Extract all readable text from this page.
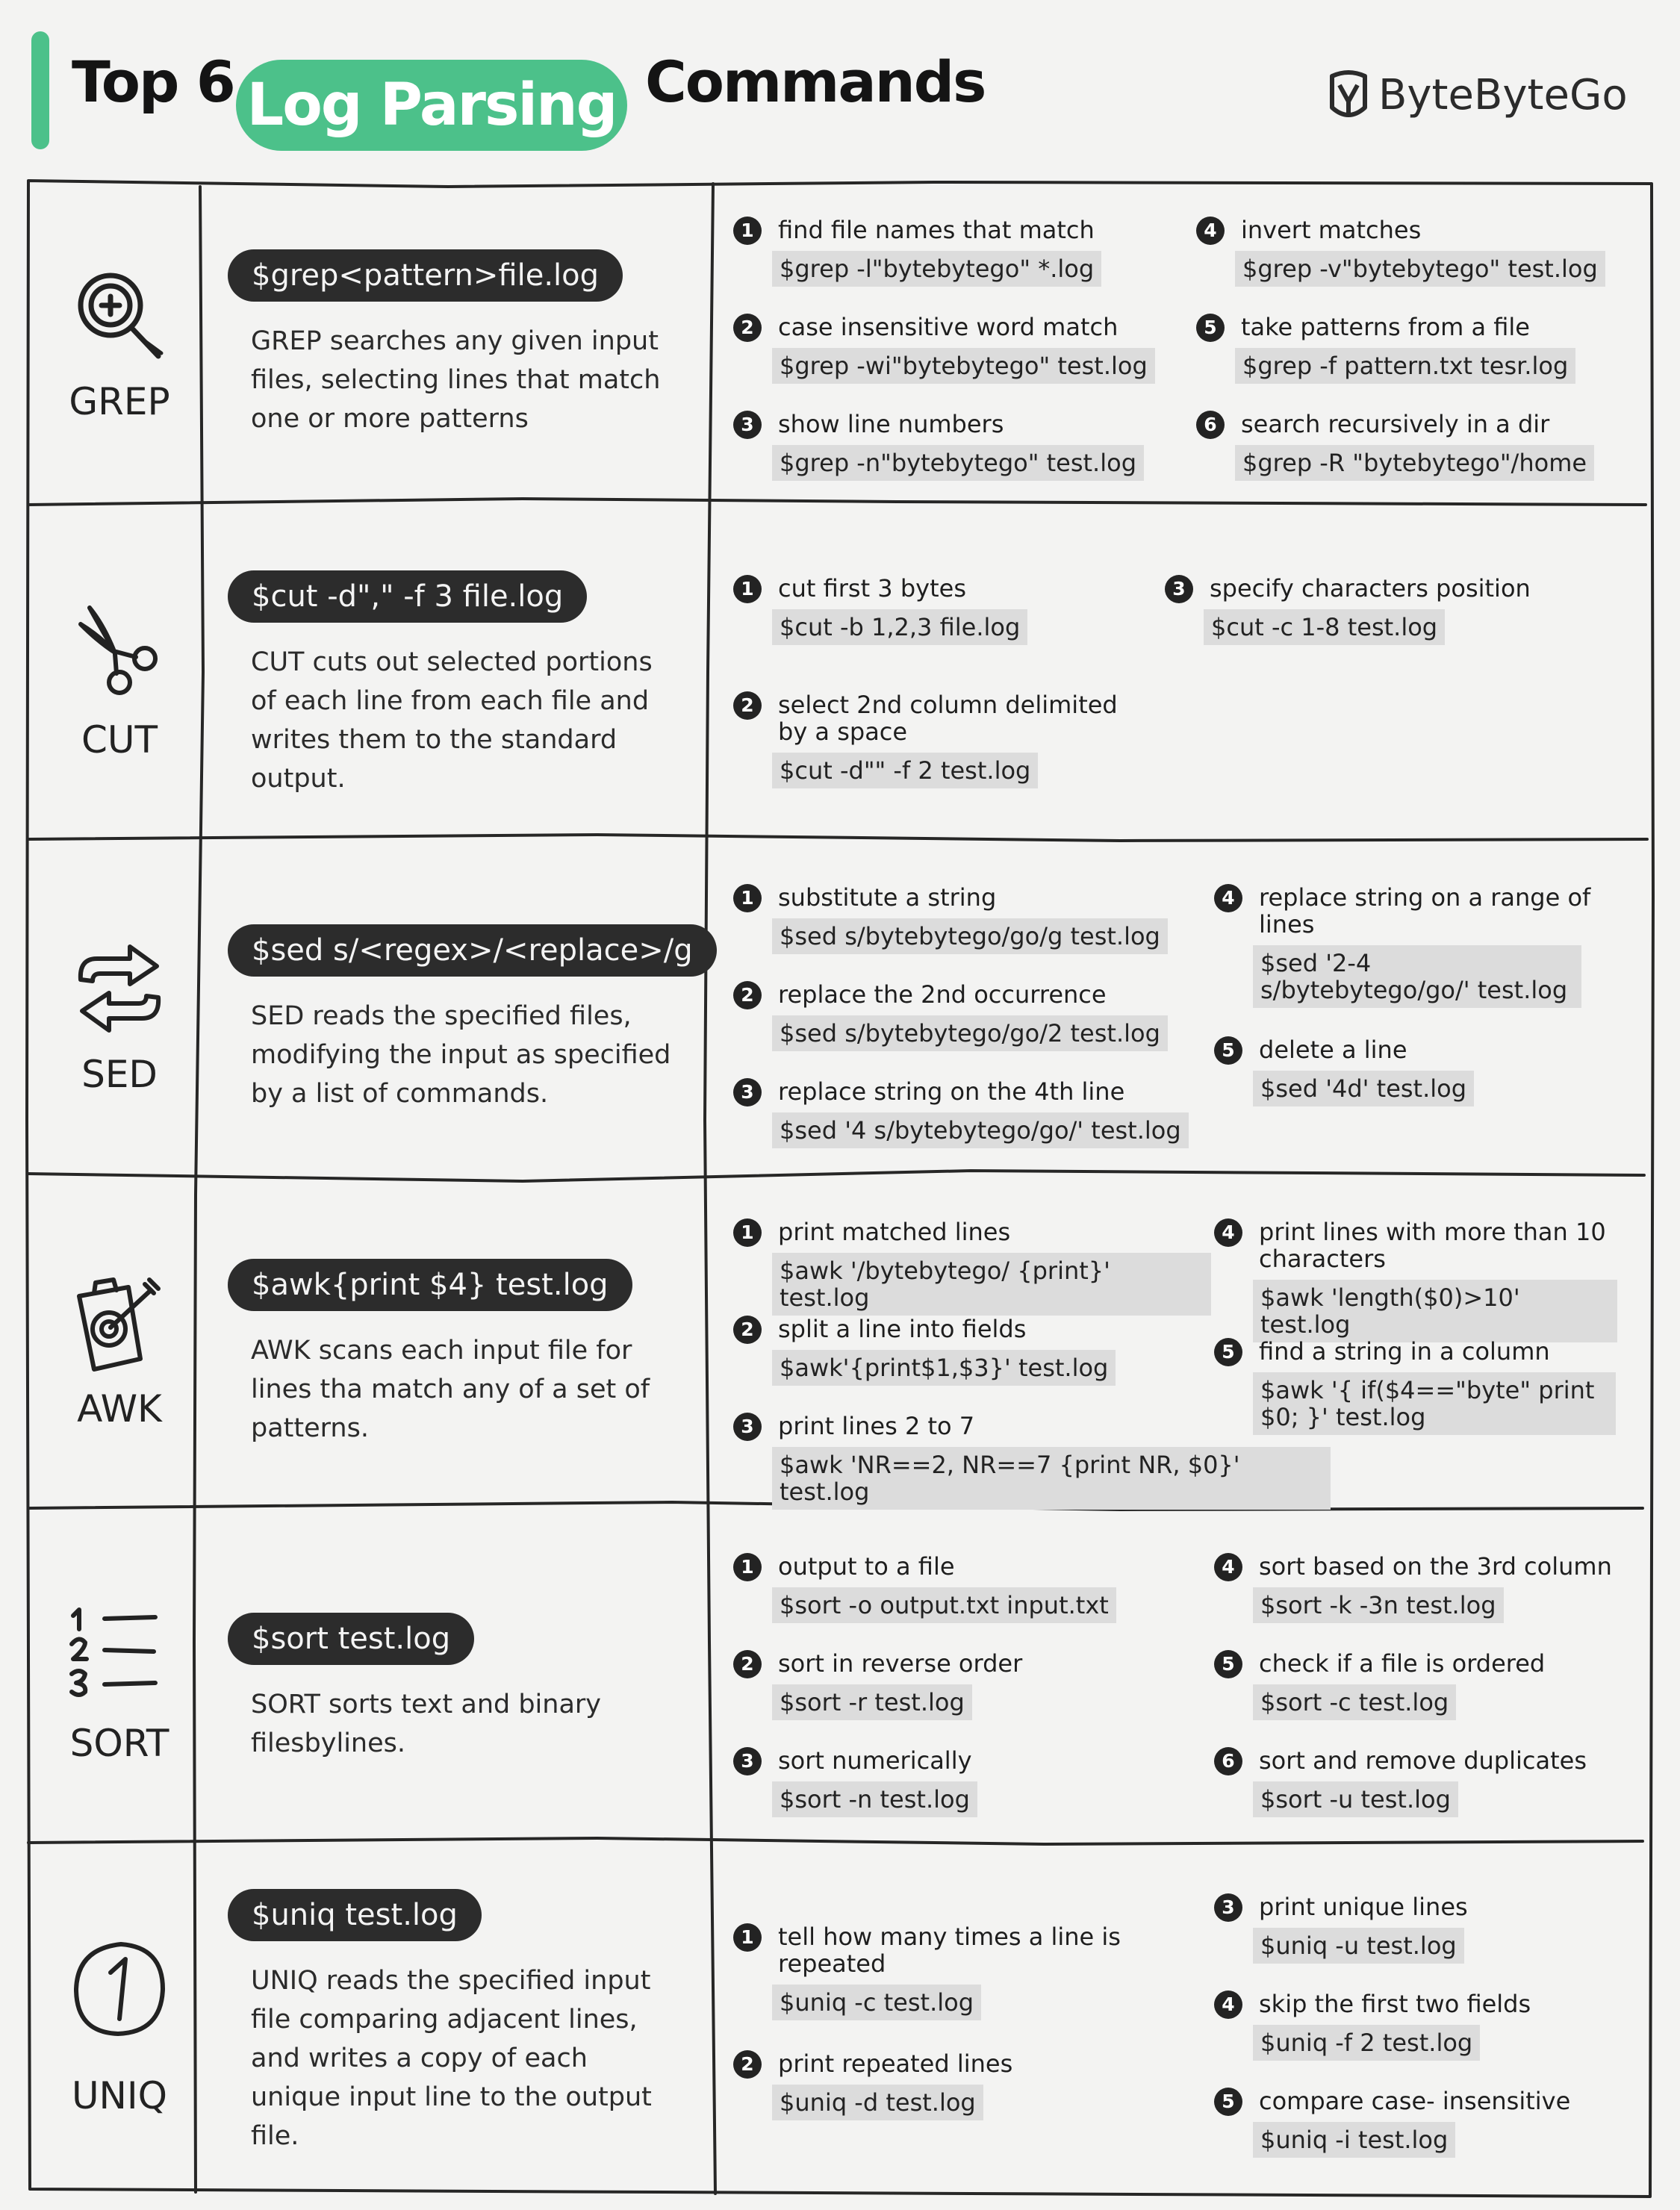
Top 6 Log Parsing Commands	ByteByteGo
GREP
$grep<pattern>file.log
GREP searches any given input files, selecting lines that match one or more patterns
1	find file names that match
$grep -l"bytebytego" *.log
2	case insensitive word match
$grep -wi"bytebytego" test.log
3	show line numbers
$grep -n"bytebytego" test.log
4	invert matches
$grep -v"bytebytego" test.log
5	take patterns from a file
$grep -f pattern.txt tesr.log
6	search recursively in a dir
$grep -R "bytebytego"/home
CUT
$cut -d"," -f 3 file.log
CUT cuts out selected portions of each line from each file and writes them to the standard output.
1	cut first 3 bytes
$cut -b 1,2,3 file.log
2	select 2nd column delimited by a space
$cut -d"" -f 2 test.log
3	specify characters position
$cut -c 1-8 test.log
SED
$sed s/<regex>/<replace>/g
SED reads the specified files, modifying the input as specified by a list of commands.
1	substitute a string
$sed s/bytebytego/go/g test.log
2	replace the 2nd occurrence
$sed s/bytebytego/go/2 test.log
3	replace string on the 4th line
$sed '4 s/bytebytego/go/' test.log
4	replace string on a range of lines
$sed '2-4 s/bytebytego/go/' test.log
5	delete a line
$sed '4d' test.log
AWK
$awk{print $4} test.log
AWK scans each input file for lines tha match any of a set of patterns.
1	print matched lines
$awk '/bytebytego/ {print}' test.log
2	split a line into fields
$awk'{print$1,$3}' test.log
3	print lines 2 to 7
$awk 'NR==2, NR==7 {print NR, $0}' test.log
4	print lines with more than 10 characters
$awk 'length($0)>10' test.log
5	find a string in a column
$awk '{ if($4=="byte" print $0; }' test.log
SORT
$sort test.log
SORT sorts text and binary filesbylines.
1	output to a file
$sort -o output.txt input.txt
2	sort in reverse order
$sort -r test.log
3	sort numerically
$sort -n test.log
4	sort based on the 3rd column
$sort -k -3n test.log
5	check if a file is ordered
$sort -c test.log
6	sort and remove duplicates
$sort -u test.log
UNIQ
$uniq test.log
UNIQ reads the specified input file comparing adjacent lines, and writes a copy of each unique input line to the output file.
1	tell how many times a line is repeated
$uniq -c test.log
2	print repeated lines
$uniq -d test.log
3	print unique lines
$uniq -u test.log
4	skip the first two fields
$uniq -f 2 test.log
5	compare case- insensitive
$uniq -i test.log
